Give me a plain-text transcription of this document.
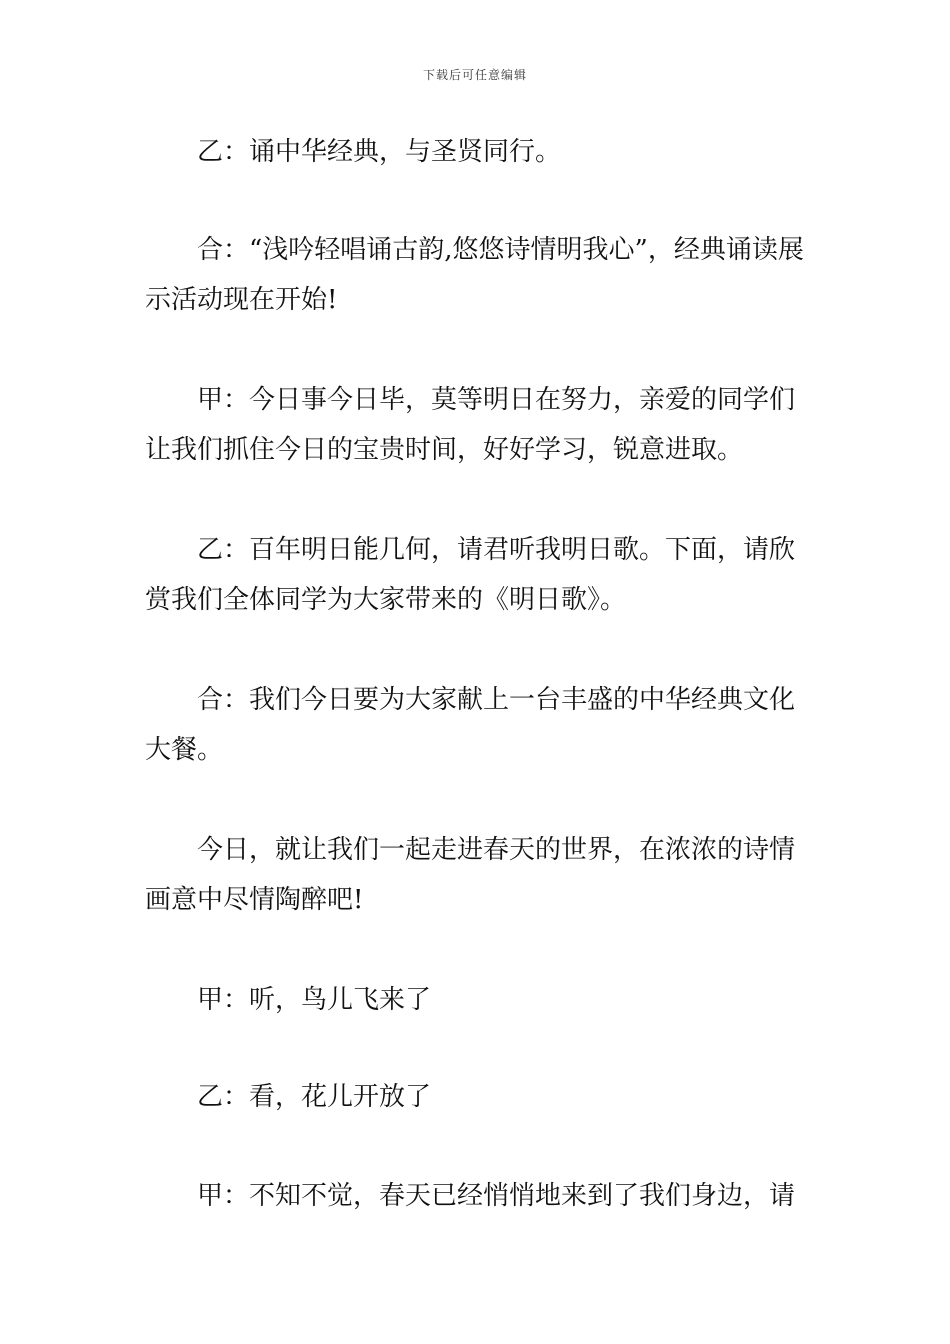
下载后可任意编辑

乙：诵中华经典，与圣贤同行。

合：“浅吟轻唱诵古韵,悠悠诗情明我心”，经典诵读展示活动现在开始!

甲：今日事今日毕，莫等明日在努力，亲爱的同学们让我们抓住今日的宝贵时间，好好学习，锐意进取。

乙：百年明日能几何，请君听我明日歌。下面，请欣赏我们全体同学为大家带来的《明日歌》。

合：我们今日要为大家献上一台丰盛的中华经典文化大餐。

今日，就让我们一起走进春天的世界，在浓浓的诗情画意中尽情陶醉吧!

甲：听，鸟儿飞来了

乙：看，花儿开放了

甲：不知不觉，春天已经悄悄地来到了我们身边，请
